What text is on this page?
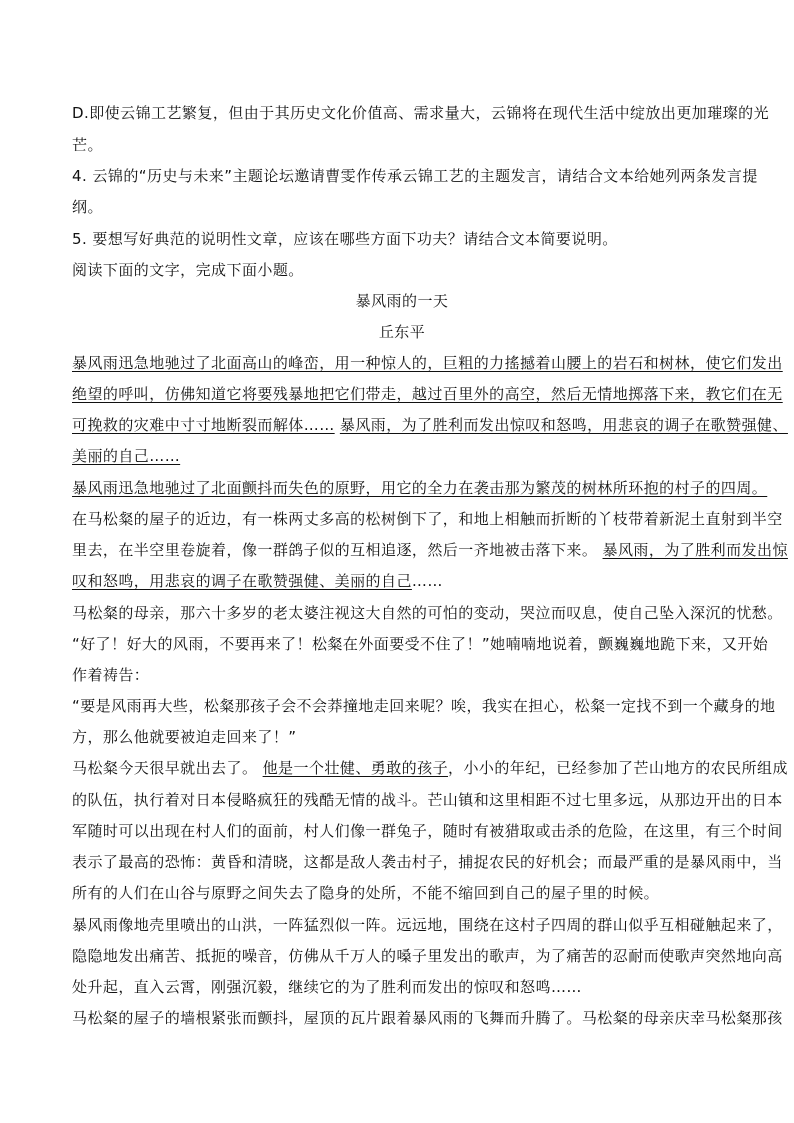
D.即使云锦工艺繁复，但由于其历史文化价值高、需求量大，云锦将在现代生活中绽放出更加璀璨的光
芒。
4. 云锦的“历史与未来”主题论坛邀请曹雯作传承云锦工艺的主题发言，请结合文本给她列两条发言提
纲。
5. 要想写好典范的说明性文章，应该在哪些方面下功夫？请结合文本简要说明。
阅读下面的文字，完成下面小题。
暴风雨的一天
丘东平
暴风雨迅急地驰过了北面高山的峰峦，用一种惊人的，巨粗的力搖撼着山腰上的岩石和树林，使它们发出
绝望的呼叫，仿佛知道它将要残暴地把它们带走，越过百里外的高空，然后无情地掷落下来，教它们在无
可挽救的灾难中寸寸地断裂而解体…… 暴风雨，为了胜利而发出惊叹和怒鸣，用悲哀的调子在歌赞强健、
美丽的自己……
暴风雨迅急地驰过了北面颤抖而失色的原野，用它的全力在袭击那为繁茂的树林所环抱的村子的四周。
在马松粲的屋子的近边，有一株两丈多高的松树倒下了，和地上相触而折断的丫枝带着新泥土直射到半空
里去，在半空里卷旋着，像一群鸽子似的互相追逐，然后一齐地被击落下来。 暴风雨，为了胜利而发出惊
叹和怒鸣，用悲哀的调子在歌赞强健、美丽的自己……
马松粲的母亲，那六十多岁的老太婆注视这大自然的可怕的变动，哭泣而叹息，使自己坠入深沉的忧愁。
“好了！好大的风雨，不要再来了！松粲在外面要受不住了！”她喃喃地说着，颤巍巍地跪下来，又开始
作着祷告：
“要是风雨再大些，松粲那孩子会不会莽撞地走回来呢？唉，我实在担心，松粲一定找不到一个藏身的地
方，那么他就要被迫走回来了！”
马松粲今天很早就出去了。 他是一个壮健、勇敢的孩子，小小的年纪，已经参加了芒山地方的农民所组成
的队伍，执行着对日本侵略疯狂的残酷无情的战斗。芒山镇和这里相距不过七里多远，从那边开出的日本
军随时可以出现在村人们的面前，村人们像一群兔子，随时有被猎取或击杀的危险，在这里，有三个时间
表示了最高的恐怖：黄昏和清晓，这都是敌人袭击村子，捕捉农民的好机会；而最严重的是暴风雨中，当
所有的人们在山谷与原野之间失去了隐身的处所，不能不缩回到自己的屋子里的时候。
暴风雨像地壳里喷出的山洪，一阵猛烈似一阵。远远地，围绕在这村子四周的群山似乎互相碰触起来了，
隐隐地发出痛苦、抵扼的噪音，仿佛从千万人的嗓子里发出的歌声，为了痛苦的忍耐而使歌声突然地向高
处升起，直入云霄，刚强沉毅，继续它的为了胜利而发出的惊叹和怒鸣……
马松粲的屋子的墙根紧张而颤抖，屋顶的瓦片跟着暴风雨的飞舞而升腾了。马松粲的母亲庆幸马松粲那孩
